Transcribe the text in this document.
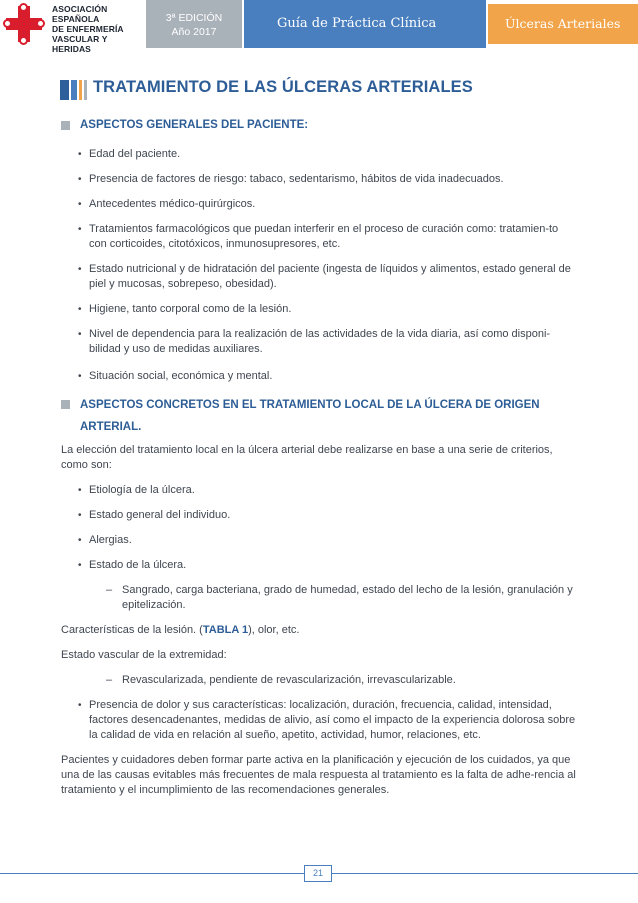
ASOCIACIÓN
ESPAÑOLA
DE ENFERMERÍA
VASCULAR Y HERIDAS
3ª EDICIÓN
Año 2017
Guía de Práctica Clínica	Úlceras Arteriales
TRATAMIENTO DE LAS ÚLCERAS ARTERIALES
ASPECTOS GENERALES DEL PACIENTE:
• Edad del paciente.
• Presencia de factores de riesgo: tabaco, sedentarismo, hábitos de vida inadecuados.
• Antecedentes médico-quirúrgicos.
• Tratamientos farmacológicos que puedan interferir en el proceso de curación como: tratamien-to con corticoides, citotóxicos, inmunosupresores, etc.
• Estado nutricional y de hidratación del paciente (ingesta de líquidos y alimentos, estado general de piel y mucosas, sobrepeso, obesidad).
• Higiene, tanto corporal como de la lesión.
• Nivel de dependencia para la realización de las actividades de la vida diaria, así como disponi-bilidad y uso de medidas auxiliares.
• Situación social, económica y mental.
ASPECTOS CONCRETOS EN EL TRATAMIENTO LOCAL DE LA ÚLCERA DE ORIGEN
ARTERIAL.
La elección del tratamiento local en la úlcera arterial debe realizarse en base a una serie de criterios, como son:
• Etiología de la úlcera.
• Estado general del individuo.
• Alergias.
• Estado de la úlcera.
– Sangrado, carga bacteriana, grado de humedad, estado del lecho de la lesión, granulación y epitelización.
Características de la lesión. (TABLA 1), olor, etc.
Estado vascular de la extremidad:
– Revascularizada, pendiente de revascularización, irrevascularizable.
• Presencia de dolor y sus características: localización, duración, frecuencia, calidad, intensidad, factores desencadenantes, medidas de alivio, así como el impacto de la experiencia dolorosa sobre la calidad de vida en relación al sueño, apetito, actividad, humor, relaciones, etc.
Pacientes y cuidadores deben formar parte activa en la planificación y ejecución de los cuidados, ya que una de las causas evitables más frecuentes de mala respuesta al tratamiento es la falta de adhe-rencia al tratamiento y el incumplimiento de las recomendaciones generales.
21
